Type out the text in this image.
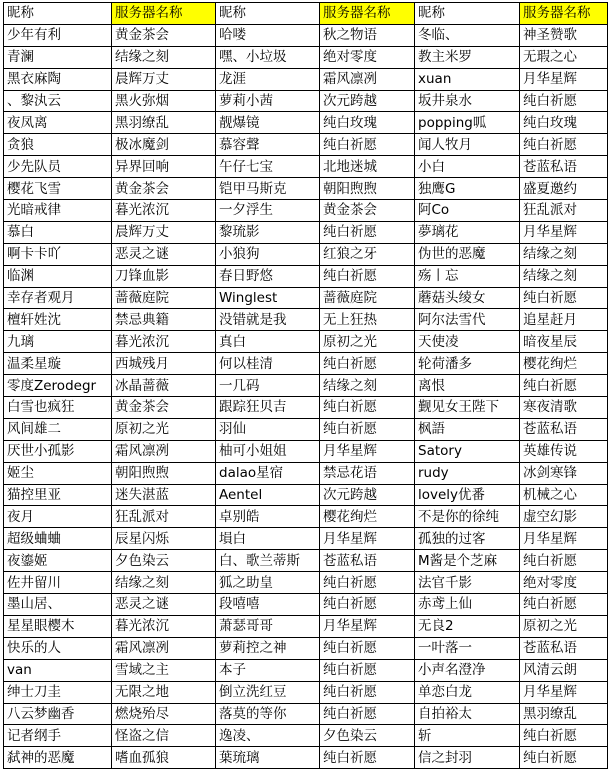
昵称	服务器名称	昵称	服务器名称	昵称	服务器名称
少年有利	黄金茶会	哈喽	秋之物语	冬临、	神圣赞歌
青澜	结缘之刻	嘿、小垃圾	绝对零度	教主米罗	无瑕之心
黑衣麻陶	晨辉万丈	龙涯	霜风凛冽	xuan	月华星辉
、黎汍云	黑火弥烟	萝莉小茜	次元跨越	坂井泉水	纯白祈愿
夜凤离	黑羽缭乱	靓爆镜	纯白玫瑰	popping呱	纯白玫瑰
贪狼	极冰魔剑	慕容聲	纯白祈愿	闻人牧月	纯白祈愿
少先队员	异界回响	午仔七宝	北地迷城	小白	苍蓝私语
樱花飞雪	黄金茶会	铠甲马斯克	朝阳煦煦	独鹰G	盛夏邀约
光暗戒律	暮光浓沉	一夕浮生	黄金茶会	阿Co	狂乱派对
慕白	晨辉万丈	黎琉影	纯白祈愿	夢璃花	月华星辉
啊卡卡吖	恶灵之谜	小狼狗	红狼之牙	伪世的恶魔	结缘之刻
临渊	刀锋血影	春日野悠	纯白祈愿	殇丨忘	结缘之刻
幸存者观月	蔷薇庭院	Winglest	蔷薇庭院	蘑菇头绫女	纯白祈愿
檀轩姓沈	禁忌典籍	没错就是我	无上狂热	阿尔法雪代	追星赶月
九璃	暮光浓沉	真白	原初之光	天使凌	暗夜星辰
温柔星璇	西城残月	何以桂清	纯白祈愿	轮荷潘多	樱花绚烂
零度Zerodegr	冰晶蔷薇	一几码	结缘之刻	离恨	纯白祈愿
白雪也疯狂	黄金茶会	跟踪狂贝吉	纯白祈愿	觐见女王陛下	寒夜清歌
风间雄二	原初之光	羽仙	纯白祈愿	枫語	苍蓝私语
厌世小孤影	霜风凛冽	柚可小姐姐	月华星辉	Satory	英雄传说
姬尘	朝阳煦煦	dalao星宿	禁忌花语	rudy	冰剑寒锋
猫控里亚	迷失湛蓝	Aentel	次元跨越	lovely优番	机械之心
夜月	狂乱派对	卓别皓	樱花绚烂	不是你的徐纯	虚空幻影
超级蛐蛐	辰星闪烁	塤白	月华星辉	孤独的过客	月华星辉
夜鎏姬	夕色染云	白、歌兰蒂斯	苍蓝私语	M酱是个芝麻	纯白祈愿
佐井留川	结缘之刻	狐之助皇	纯白祈愿	法官千影	绝对零度
墨山居、	恶灵之谜	段嘻嘻	纯白祈愿	赤鸢上仙	纯白祈愿
星星眼樱木	暮光浓沉	萧瑟哥哥	月华星辉	无良2	原初之光
快乐的人	霜风凛冽	萝莉控之神	纯白祈愿	一叶落一	苍蓝私语
van	雪域之主	本子	纯白祈愿	小声名澄净	风清云朗
绅士刀圭	无限之地	倒立洗红豆	纯白祈愿	单恋白龙	月华星辉
八云梦幽香	燃烧殆尽	落莫的等你	纯白祈愿	自拍裕太	黑羽缭乱
记者纲手	怪盗之信	逸凌、	夕色染云	斩	纯白祈愿
弑神的恶魔	嗜血孤狼	葉琉璃	纯白祈愿	信之封羽	纯白祈愿
